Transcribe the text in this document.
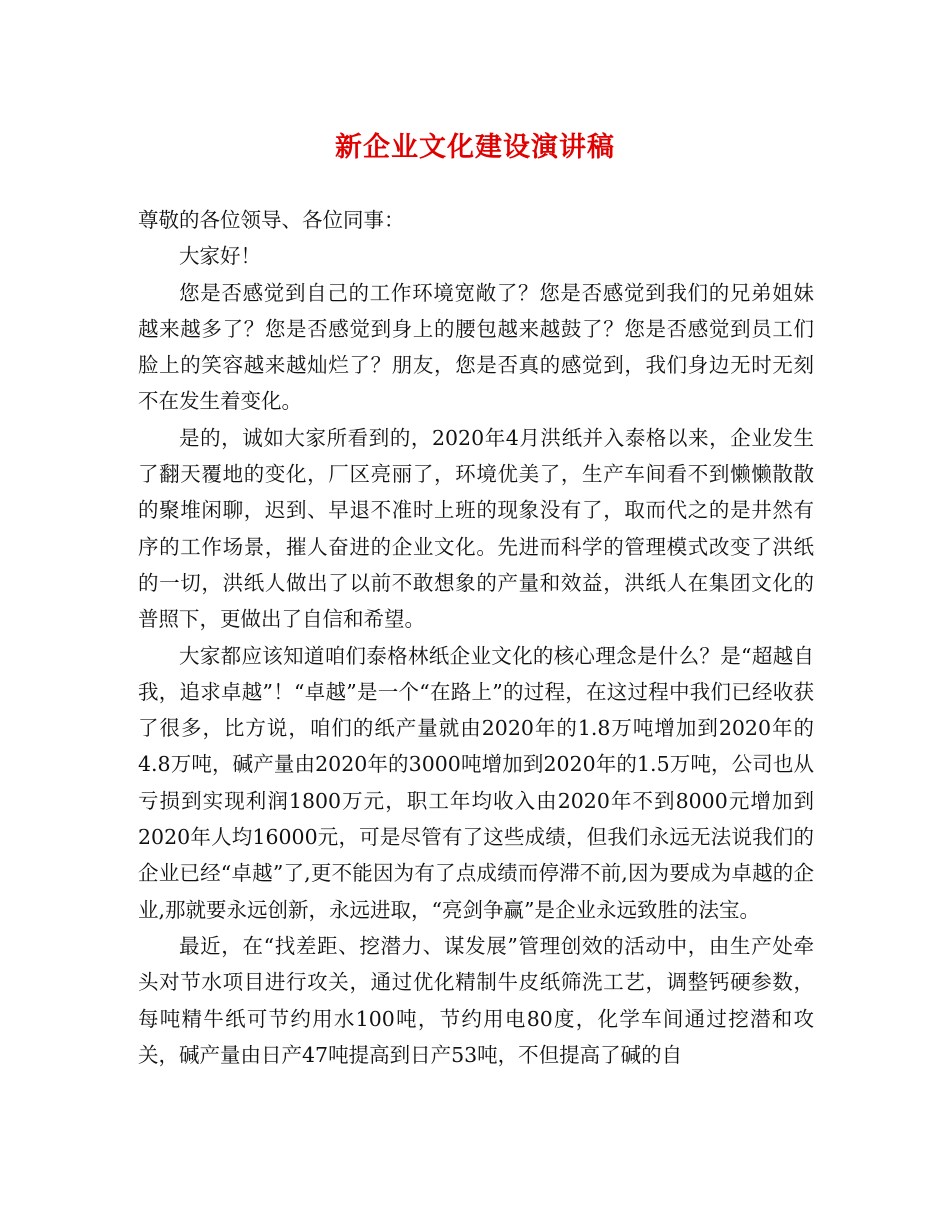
新企业文化建设演讲稿

尊敬的各位领导、各位同事：

大家好！

您是否感觉到自己的工作环境宽敞了？您是否感觉到我们的兄弟姐妹越来越多了？您是否感觉到身上的腰包越来越鼓了？您是否感觉到员工们脸上的笑容越来越灿烂了？朋友，您是否真的感觉到，我们身边无时无刻不在发生着变化。

是的，诚如大家所看到的，2020年4月洪纸并入泰格以来，企业发生了翻天覆地的变化，厂区亮丽了，环境优美了，生产车间看不到懒懒散散的聚堆闲聊，迟到、早退不准时上班的现象没有了，取而代之的是井然有序的工作场景，摧人奋进的企业文化。先进而科学的管理模式改变了洪纸的一切，洪纸人做出了以前不敢想象的产量和效益，洪纸人在集团文化的普照下，更做出了自信和希望。

大家都应该知道咱们泰格林纸企业文化的核心理念是什么？是“超越自我，追求卓越”！“卓越”是一个“在路上”的过程，在这过程中我们已经收获了很多，比方说，咱们的纸产量就由2020年的1.8万吨增加到2020年的4.8万吨，碱产量由2020年的3000吨增加到2020年的1.5万吨，公司也从亏损到实现利润1800万元，职工年均收入由2020年不到8000元增加到2020年人均16000元，可是尽管有了这些成绩，但我们永远无法说我们的企业已经“卓越”了,更不能因为有了点成绩而停滞不前,因为要成为卓越的企业,那就要永远创新，永远进取，“亮剑争赢”是企业永远致胜的法宝。

最近，在“找差距、挖潜力、谋发展”管理创效的活动中，由生产处牵头对节水项目进行攻关，通过优化精制牛皮纸筛洗工艺，调整钙硬参数，每吨精牛纸可节约用水100吨，节约用电80度，化学车间通过挖潜和攻关，碱产量由日产47吨提高到日产53吨，不但提高了碱的自
